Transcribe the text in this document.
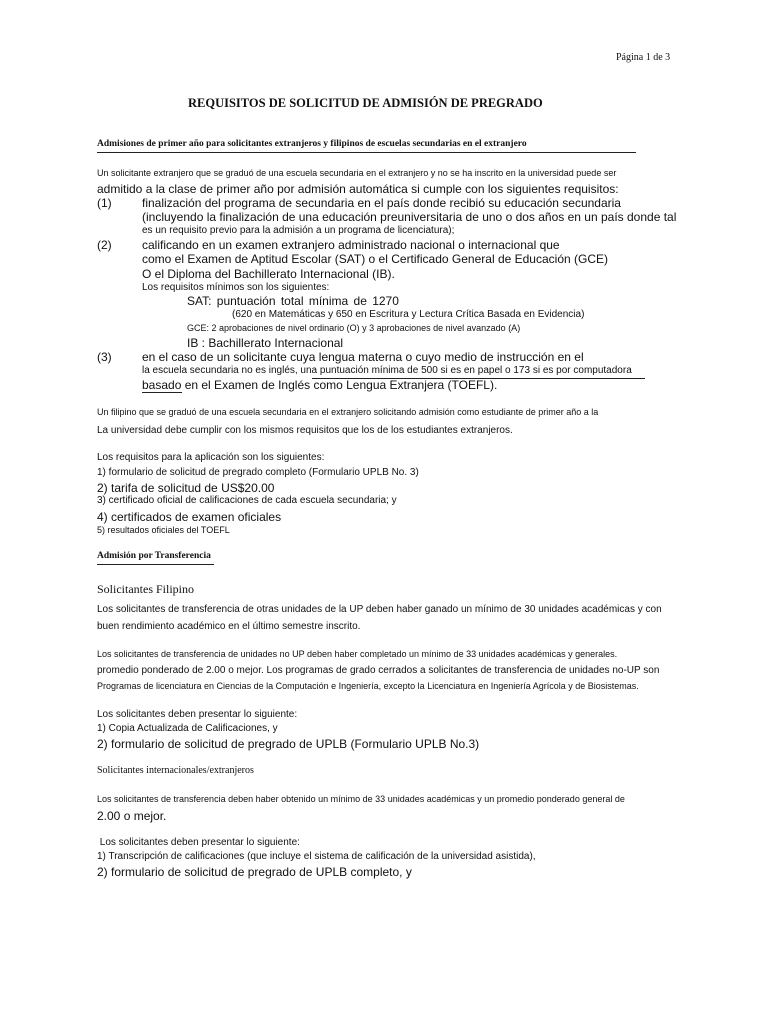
Página 1 de 3
REQUISITOS DE SOLICITUD DE ADMISIÓN DE PREGRADO
Admisiones de primer año para solicitantes extranjeros y filipinos de escuelas secundarias en el extranjero
Un solicitante extranjero que se graduó de una escuela secundaria en el extranjero y no se ha inscrito en la universidad puede ser
admitido a la clase de primer año por admisión automática si cumple con los siguientes requisitos:
(1)	finalización del programa de secundaria en el país donde recibió su educación secundaria
(incluyendo la finalización de una educación preuniversitaria de uno o dos años en un país donde tal
es un requisito previo para la admisión a un programa de licenciatura);
(2)	calificando en un examen extranjero administrado nacional o internacional que
como el Examen de Aptitud Escolar (SAT) o el Certificado General de Educación (GCE)
O el Diploma del Bachillerato Internacional (IB).
Los requisitos mínimos son los siguientes:
SAT: puntuación total mínima de 1270
(620 en Matemáticas y 650 en Escritura y Lectura Crítica Basada en Evidencia)
GCE: 2 aprobaciones de nivel ordinario (O) y 3 aprobaciones de nivel avanzado (A)
IB : Bachillerato Internacional
(3)	en el caso de un solicitante cuya lengua materna o cuyo medio de instrucción en el
la escuela secundaria no es inglés, una puntuación mínima de 500 si es en papel o 173 si es por computadora
basado en el Examen de Inglés como Lengua Extranjera (TOEFL).
Un filipino que se graduó de una escuela secundaria en el extranjero solicitando admisión como estudiante de primer año a la
La universidad debe cumplir con los mismos requisitos que los de los estudiantes extranjeros.
Los requisitos para la aplicación son los siguientes:
1) formulario de solicitud de pregrado completo (Formulario UPLB No. 3)
2) tarifa de solicitud de US$20.00
3) certificado oficial de calificaciones de cada escuela secundaria; y
4) certificados de examen oficiales
5) resultados oficiales del TOEFL
Admisión por Transferencia
Solicitantes Filipino
Los solicitantes de transferencia de otras unidades de la UP deben haber ganado un mínimo de 30 unidades académicas y con
buen rendimiento académico en el último semestre inscrito.
Los solicitantes de transferencia de unidades no UP deben haber completado un mínimo de 33 unidades académicas y generales.
promedio ponderado de 2.00 o mejor. Los programas de grado cerrados a solicitantes de transferencia de unidades no-UP son
Programas de licenciatura en Ciencias de la Computación e Ingeniería, excepto la Licenciatura en Ingeniería Agrícola y de Biosistemas.
Los solicitantes deben presentar lo siguiente:
1) Copia Actualizada de Calificaciones, y
2) formulario de solicitud de pregrado de UPLB (Formulario UPLB No.3)
Solicitantes internacionales/extranjeros
Los solicitantes de transferencia deben haber obtenido un mínimo de 33 unidades académicas y un promedio ponderado general de
2.00 o mejor.
Los solicitantes deben presentar lo siguiente:
1) Transcripción de calificaciones (que incluye el sistema de calificación de la universidad asistida),
2) formulario de solicitud de pregrado de UPLB completo, y
